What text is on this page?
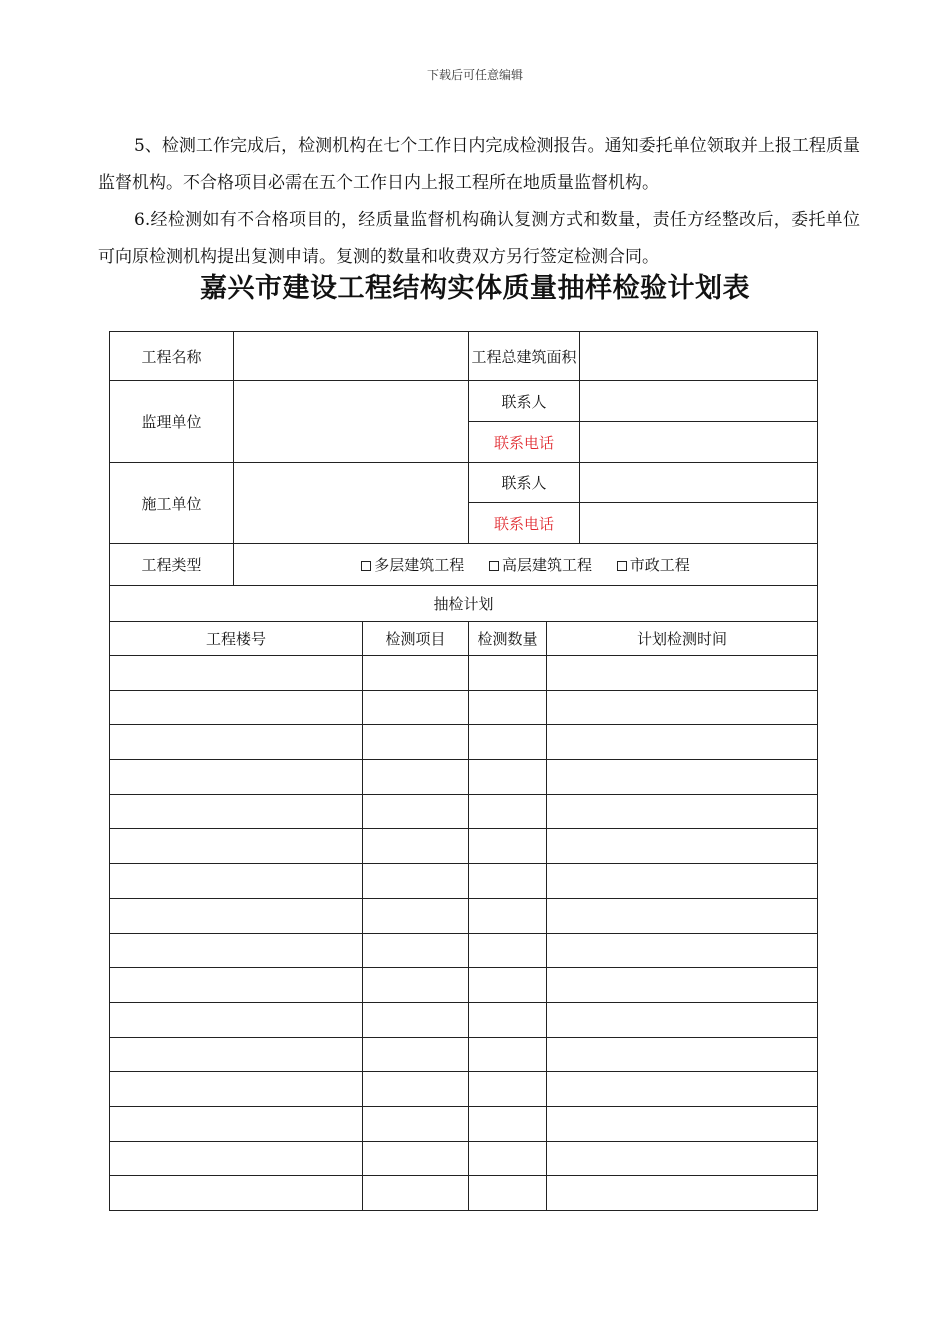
下载后可任意编辑

5、检测工作完成后，检测机构在七个工作日内完成检测报告。通知委托单位领取并上报工程质量监督机构。不合格项目必需在五个工作日内上报工程所在地质量监督机构。

6.经检测如有不合格项目的，经质量监督机构确认复测方式和数量，责任方经整改后，委托单位可向原检测机构提出复测申请。复测的数量和收费双方另行签定检测合同。

嘉兴市建设工程结构实体质量抽样检验计划表
工程名称			工程总建筑面积		
监理单位			联系人		
			联系电话		
施工单位			联系人		
			联系电话		
工程类型	多层建筑工程 高层建筑工程 市政工程				
抽检计划					
工程楼号		检测项目	检测数量	计划检测时间	
